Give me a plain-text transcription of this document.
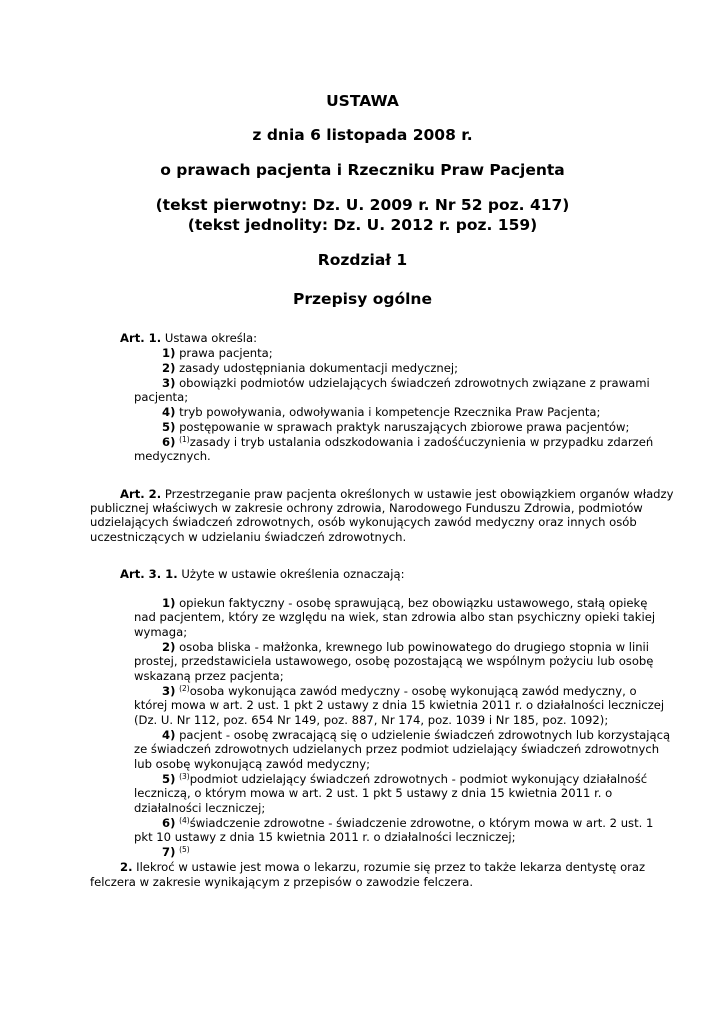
USTAWA

z dnia 6 listopada 2008 r.

o prawach pacjenta i Rzeczniku Praw Pacjenta

(tekst pierwotny: Dz. U. 2009 r. Nr 52 poz. 417)

(tekst jednolity: Dz. U. 2012 r. poz. 159)

Rozdział 1

Przepisy ogólne

Art. 1. Ustawa określa:

1) prawa pacjenta;

2) zasady udostępniania dokumentacji medycznej;

3) obowiązki podmiotów udzielających świadczeń zdrowotnych związane z prawami

pacjenta;

4) tryb powoływania, odwoływania i kompetencje Rzecznika Praw Pacjenta;

5) postępowanie w sprawach praktyk naruszających zbiorowe prawa pacjentów;

6) $^{(1)}$zasady i tryb ustalania odszkodowania i zadośćuczynienia w przypadku zdarzeń

medycznych.

Art. 2. Przestrzeganie praw pacjenta określonych w ustawie jest obowiązkiem organów władzy

publicznej właściwych w zakresie ochrony zdrowia, Narodowego Funduszu Zdrowia, podmiotów

udzielających świadczeń zdrowotnych, osób wykonujących zawód medyczny oraz innych osób

uczestniczących w udzielaniu świadczeń zdrowotnych.

Art. 3. 1. Użyte w ustawie określenia oznaczają:

1) opiekun faktyczny - osobę sprawującą, bez obowiązku ustawowego, stałą opiekę

nad pacjentem, który ze względu na wiek, stan zdrowia albo stan psychiczny opieki takiej

wymaga;

2) osoba bliska - małżonka, krewnego lub powinowatego do drugiego stopnia w linii

prostej, przedstawiciela ustawowego, osobę pozostającą we wspólnym pożyciu lub osobę

wskazaną przez pacjenta;

3) $^{(2)}$osoba wykonująca zawód medyczny - osobę wykonującą zawód medyczny, o

której mowa w art. 2 ust. 1 pkt 2 ustawy z dnia 15 kwietnia 2011 r. o działalności leczniczej

(Dz. U. Nr 112, poz. 654 Nr 149, poz. 887, Nr 174, poz. 1039 i Nr 185, poz. 1092);

4) pacjent - osobę zwracającą się o udzielenie świadczeń zdrowotnych lub korzystającą

ze świadczeń zdrowotnych udzielanych przez podmiot udzielający świadczeń zdrowotnych

lub osobę wykonującą zawód medyczny;

5) $^{(3)}$podmiot udzielający świadczeń zdrowotnych - podmiot wykonujący działalność

leczniczą, o którym mowa w art. 2 ust. 1 pkt 5 ustawy z dnia 15 kwietnia 2011 r. o

działalności leczniczej;

6) $^{(4)}$świadczenie zdrowotne - świadczenie zdrowotne, o którym mowa w art. 2 ust. 1

pkt 10 ustawy z dnia 15 kwietnia 2011 r. o działalności leczniczej;

7) $^{(5)}$

2. Ilekroć w ustawie jest mowa o lekarzu, rozumie się przez to także lekarza dentystę oraz

felczera w zakresie wynikającym z przepisów o zawodzie felczera.
